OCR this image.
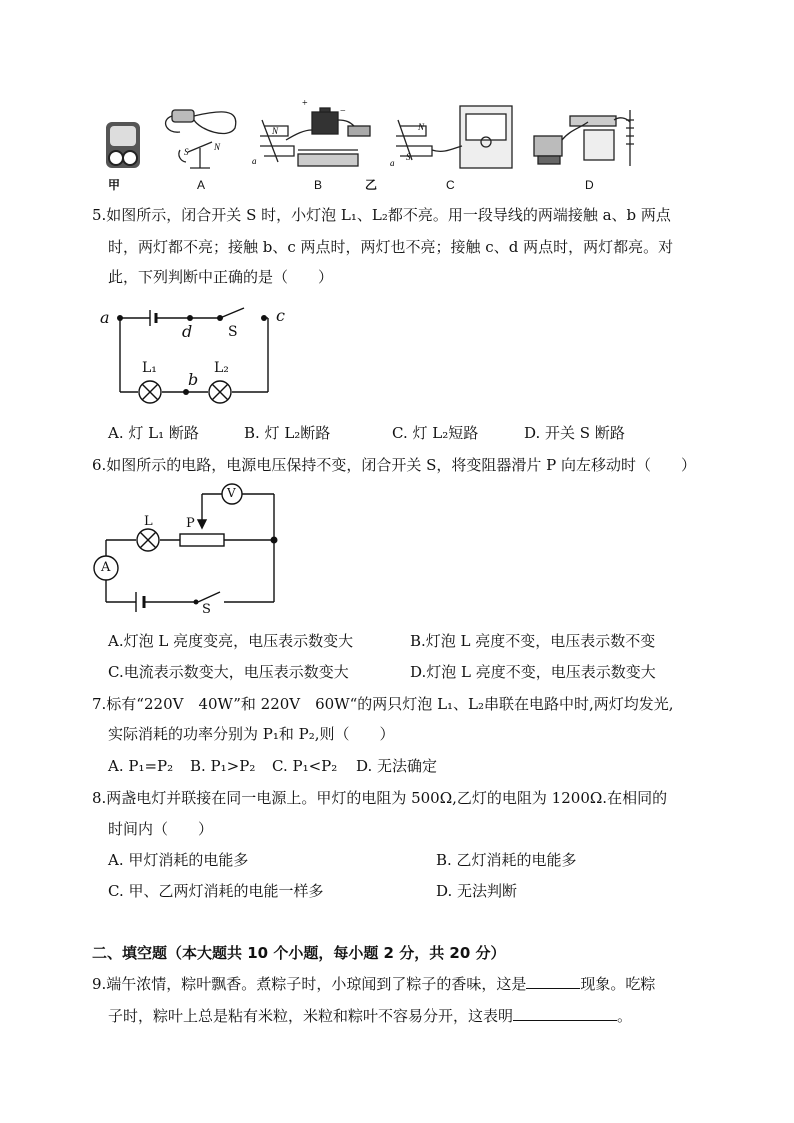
S	N
N
+
−
a
N
a
S
甲	A	B	乙	C	D
5.如图所示，闭合开关 S 时，小灯泡 L₁、L₂都不亮。用一段导线的两端接触 a、b 两点
时，两灯都不亮；接触 b、c 两点时，两灯也不亮；接触 c、d 两点时，两灯都亮。对
此，下列判断中正确的是（　　）
a	c
d	S
b
L₁	L₂
A. 灯 L₁ 断路	B. 灯 L₂断路	C. 灯 L₂短路	D. 开关 S 断路
6.如图所示的电路，电源电压保持不变，闭合开关 S，将变阻器滑片 P 向左移动时（　　）
V
L	P
A
S
A.灯泡 L 亮度变亮，电压表示数变大	B.灯泡 L 亮度不变，电压表示数不变
C.电流表示数变大，电压表示数变大	D.灯泡 L 亮度不变，电压表示数变大
7.标有“220V　40W”和 220V　60W“的两只灯泡 L₁、L₂串联在电路中时,两灯均发光,
实际消耗的功率分别为 P₁和 P₂,则（　　）
A. P₁=P₂ B. P₁>P₂ C. P₁<P₂ D. 无法确定
8.两盏电灯并联接在同一电源上。甲灯的电阻为 500Ω,乙灯的电阻为 1200Ω.在相同的
时间内（　　）
A. 甲灯消耗的电能多	B. 乙灯消耗的电能多
C. 甲、乙两灯消耗的电能一样多	D. 无法判断
二、填空题（本大题共 10 个小题，每小题 2 分，共 20 分）
9.端午浓情，粽叶飘香。煮粽子时，小琼闻到了粽子的香味，这是	现象。吃粽
子时，粽叶上总是粘有米粒，米粒和粽叶不容易分开，这表明	。
